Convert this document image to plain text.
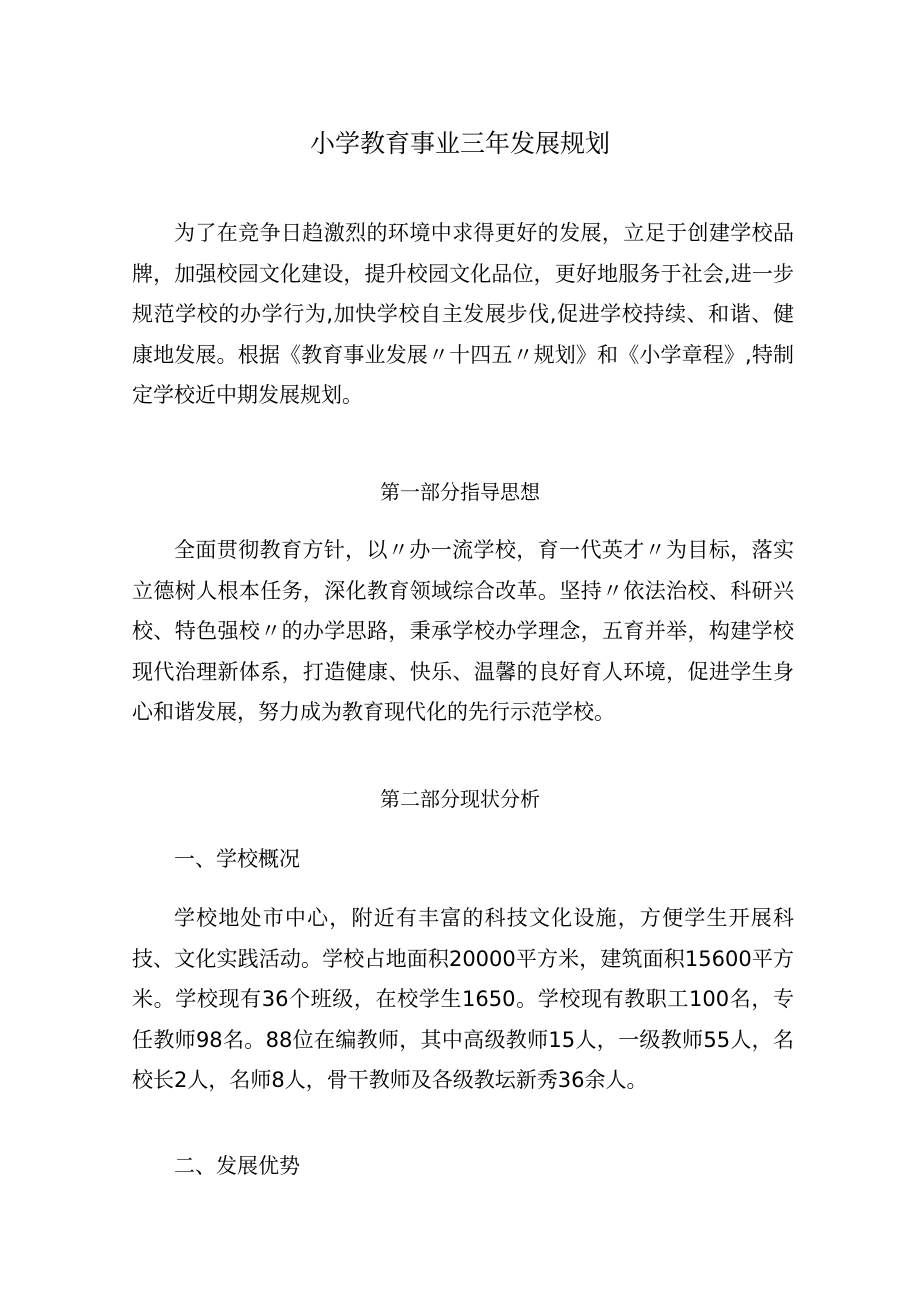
小学教育事业三年发展规划

为了在竞争日趋激烈的环境中求得更好的发展，立足于创建学校品牌，加强校园文化建设，提升校园文化品位，更好地服务于社会,进一步规范学校的办学行为,加快学校自主发展步伐,促进学校持续、和谐、健康地发展。根据《教育事业发展〃十四五〃规划》和《小学章程》,特制定学校近中期发展规划。

第一部分指导思想

全面贯彻教育方针，以〃办一流学校，育一代英才〃为目标，落实立德树人根本任务，深化教育领域综合改革。坚持〃依法治校、科研兴校、特色强校〃的办学思路，秉承学校办学理念，五育并举，构建学校现代治理新体系，打造健康、快乐、温馨的良好育人环境，促进学生身心和谐发展，努力成为教育现代化的先行示范学校。

第二部分现状分析
一、学校概况

学校地处市中心，附近有丰富的科技文化设施，方便学生开展科技、文化实践活动。学校占地面积20000平方米，建筑面积15600平方米。学校现有36个班级，在校学生1650。学校现有教职工100名，专任教师98名。88位在编教师，其中高级教师15人，一级教师55人，名校长2人，名师8人，骨干教师及各级教坛新秀36余人。

二、发展优势
